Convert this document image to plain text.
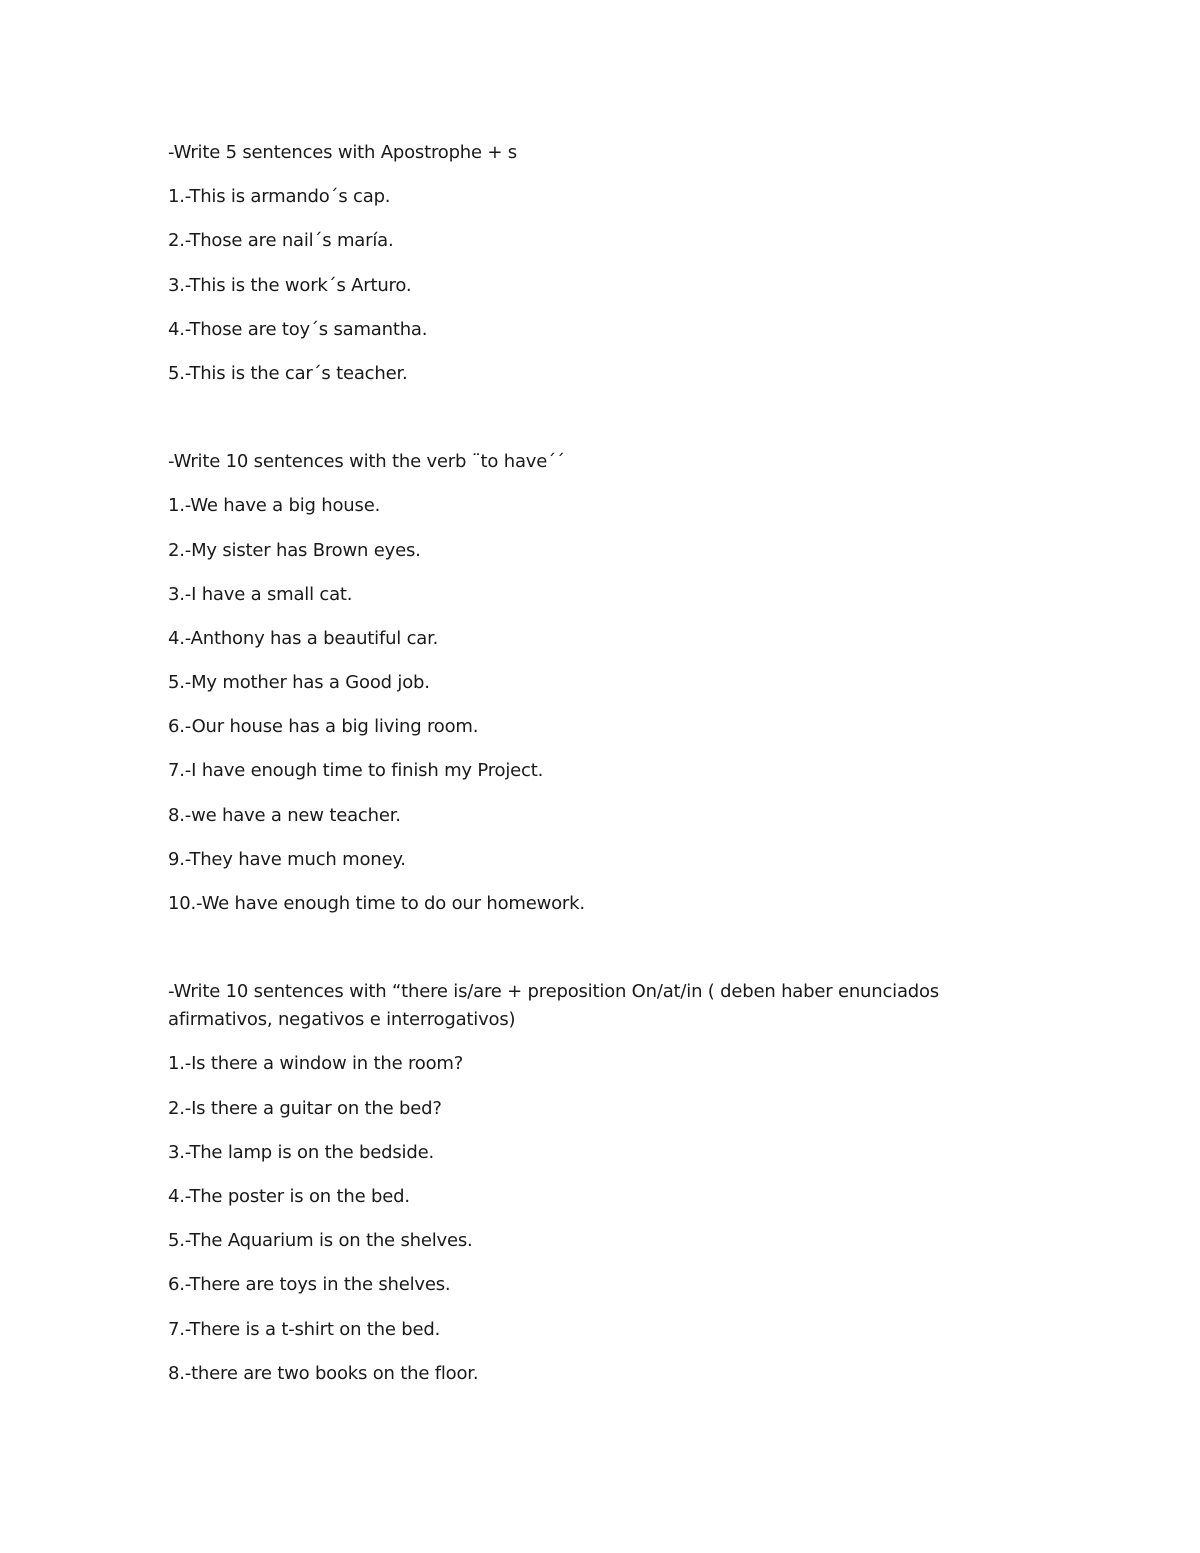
-Write 5 sentences with Apostrophe + s
1.-This is armando´s cap.
2.-Those are nail´s maría.
3.-This is the work´s Arturo.
4.-Those are toy´s samantha.
5.-This is the car´s teacher.
-Write 10 sentences with the verb ¨to have´´
1.-We have a big house.
2.-My sister has Brown eyes.
3.-I have a small cat.
4.-Anthony has a beautiful car.
5.-My mother has a Good job.
6.-Our house has a big living room.
7.-I have enough time to finish my Project.
8.-we have a new teacher.
9.-They have much money.
10.-We have enough time to do our homework.
-Write 10 sentences with “there is/are + preposition On/at/in ( deben haber enunciados afirmativos, negativos e interrogativos)
1.-Is there a window in the room?
2.-Is there a guitar on the bed?
3.-The lamp is on the bedside.
4.-The poster is on the bed.
5.-The Aquarium is on the shelves.
6.-There are toys in the shelves.
7.-There is a t-shirt on the bed.
8.-there are two books on the floor.
